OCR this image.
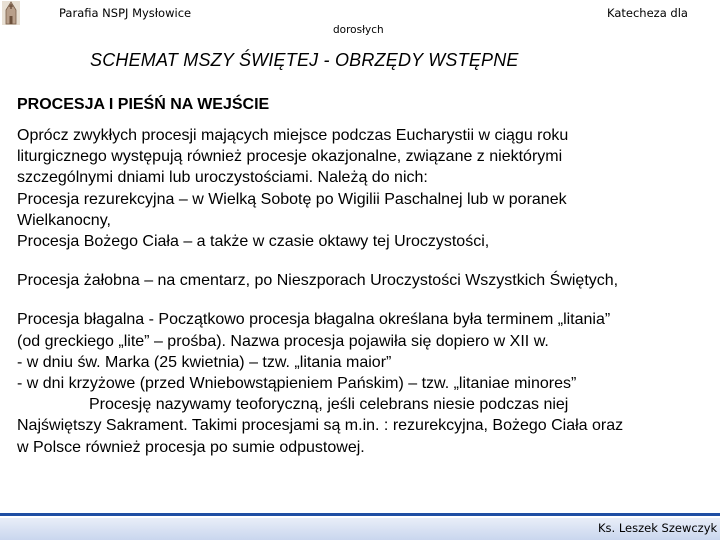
Parafia NSPJ Mysłowice	Katecheza dla
dorosłych
SCHEMAT MSZY ŚWIĘTEJ - OBRZĘDY WSTĘPNE
PROCESJA I PIEŚŃ NA WEJŚCIE

Oprócz zwykłych procesji mających miejsce podczas Eucharystii w ciągu roku

liturgicznego występują również procesje okazjonalne, związane z niektórymi

szczególnymi dniami lub uroczystościami. Należą do nich:

Procesja rezurekcyjna – w Wielką Sobotę po Wigilii Paschalnej lub w poranek

Wielkanocny,

Procesja Bożego Ciała – a także w czasie oktawy tej Uroczystości,

Procesja żałobna – na cmentarz, po Nieszporach Uroczystości Wszystkich Świętych,

Procesja błagalna - Początkowo procesja błagalna określana była terminem „litania”

(od greckiego „lite” – prośba). Nazwa procesja pojawiła się dopiero w XII w.

- w dniu św. Marka (25 kwietnia) – tzw. „litania maior”

- w dni krzyżowe (przed Wniebowstąpieniem Pańskim) – tzw. „litaniae minores”

Procesję nazywamy teoforyczną, jeśli celebrans niesie podczas niej

Najświętszy Sakrament. Takimi procesjami są m.in. : rezurekcyjna, Bożego Ciała oraz

w Polsce również procesja po sumie odpustowej.

Ks. Leszek Szewczyk
